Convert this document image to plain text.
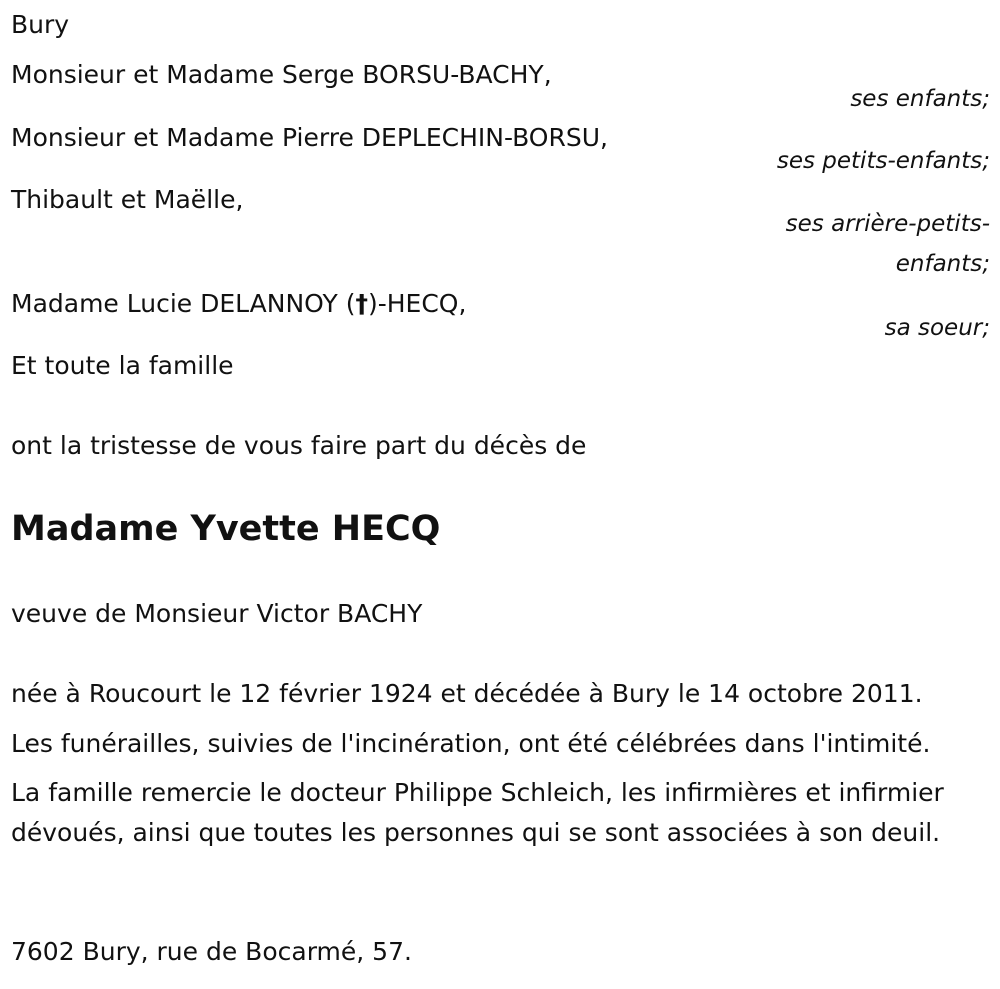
Bury
Monsieur et Madame Serge BORSU-BACHY,
ses enfants;
Monsieur et Madame Pierre DEPLECHIN-BORSU,
ses petits-enfants;
Thibault et Maëlle,
ses arrière-petits-
enfants;
Madame Lucie DELANNOY (†)-HECQ,
sa soeur;
Et toute la famille
ont la tristesse de vous faire part du décès de
Madame Yvette HECQ
veuve de Monsieur Victor BACHY
née à Roucourt le 12 février 1924 et décédée à Bury le 14 octobre 2011.
Les funérailles, suivies de l'incinération, ont été célébrées dans l'intimité.
La famille remercie le docteur Philippe Schleich, les infirmières et infirmier dévoués, ainsi que toutes les personnes qui se sont associées à son deuil.
7602 Bury, rue de Bocarmé, 57.
